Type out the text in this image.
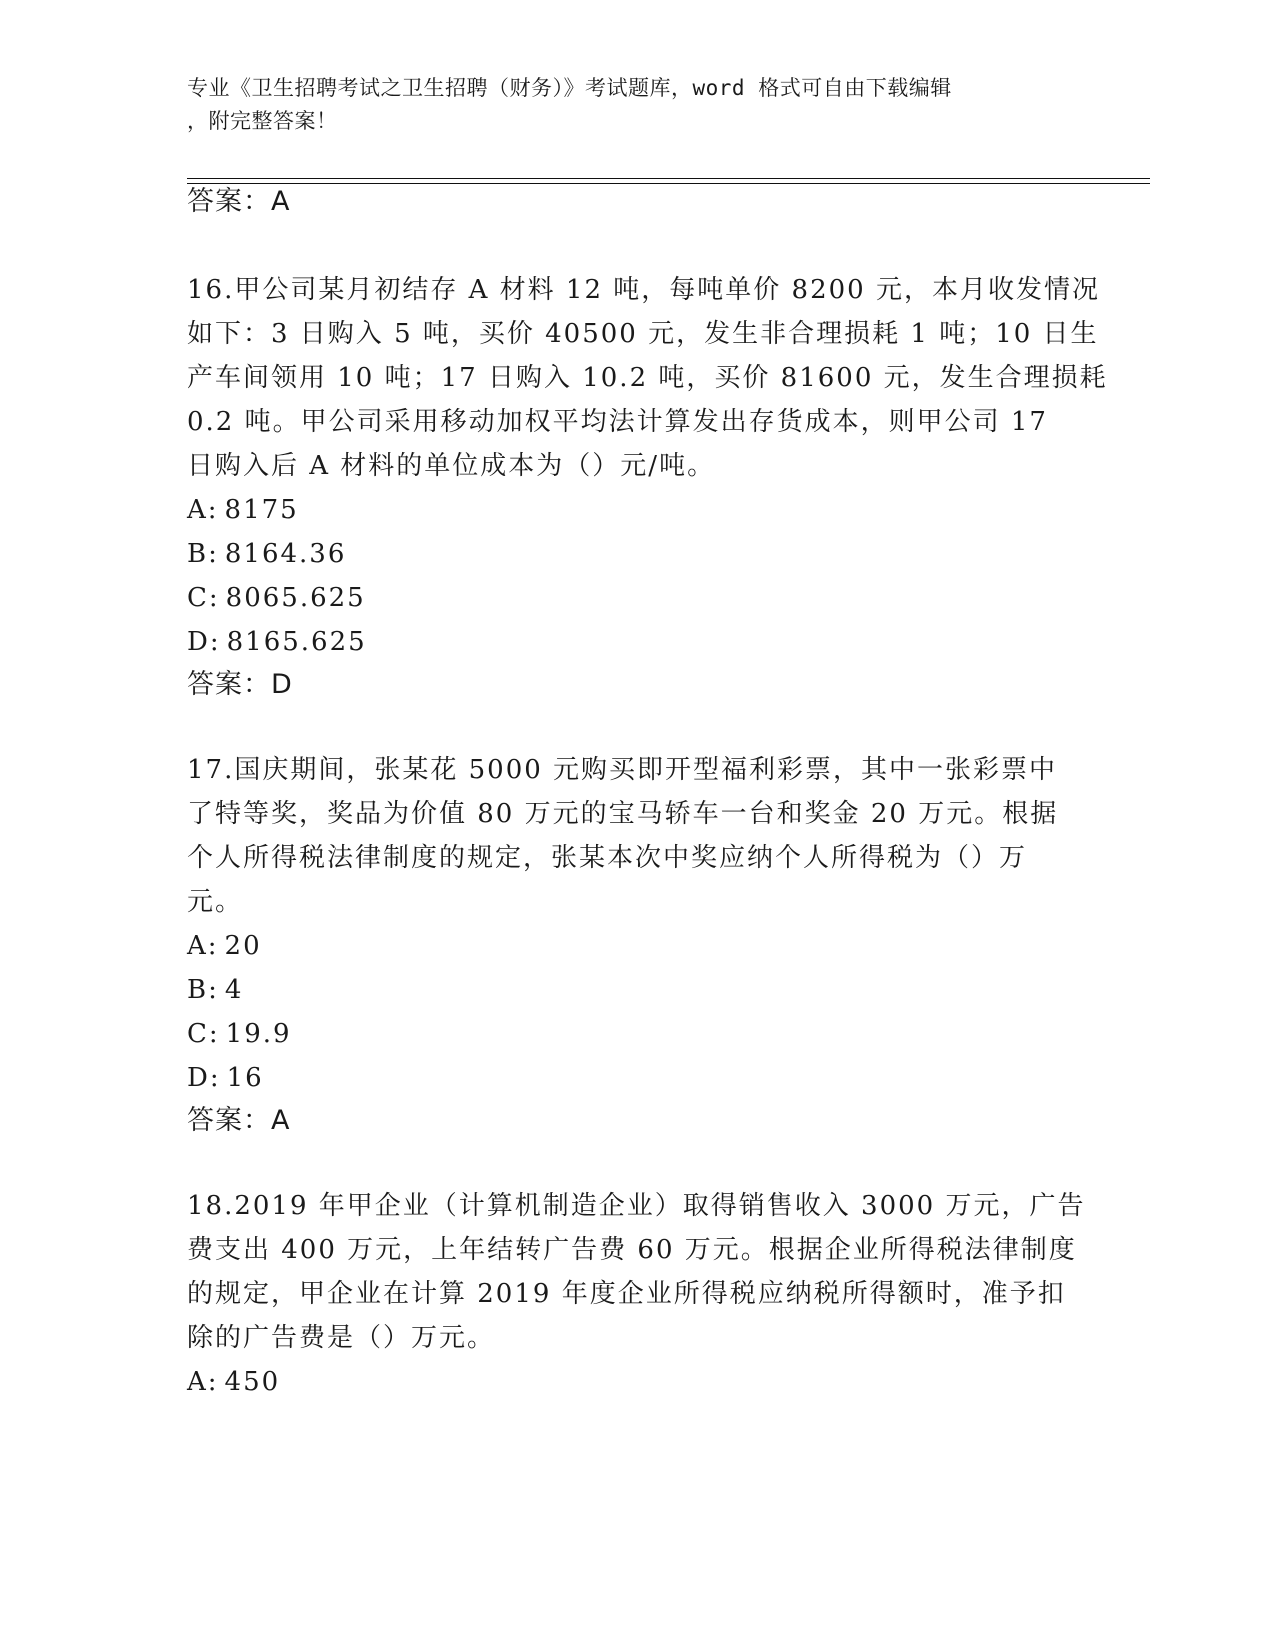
专业《卫生招聘考试之卫生招聘（财务）》考试题库，word 格式可自由下载编辑
，附完整答案！
答案：A
16.甲公司某月初结存 A 材料 12 吨，每吨单价 8200 元，本月收发情况
如下：3 日购入 5 吨，买价 40500 元，发生非合理损耗 1 吨；10 日生
产车间领用 10 吨；17 日购入 10.2 吨，买价 81600 元，发生合理损耗
0.2 吨。甲公司采用移动加权平均法计算发出存货成本，则甲公司 17
日购入后 A 材料的单位成本为（）元/吨。
A: 8175
B: 8164.36
C: 8065.625
D: 8165.625
答案：D
17.国庆期间，张某花 5000 元购买即开型福利彩票，其中一张彩票中
了特等奖，奖品为价值 80 万元的宝马轿车一台和奖金 20 万元。根据
个人所得税法律制度的规定，张某本次中奖应纳个人所得税为（）万
元。
A: 20
B: 4
C: 19.9
D: 16
答案：A
18.2019 年甲企业（计算机制造企业）取得销售收入 3000 万元，广告
费支出 400 万元，上年结转广告费 60 万元。根据企业所得税法律制度
的规定，甲企业在计算 2019 年度企业所得税应纳税所得额时，准予扣
除的广告费是（）万元。
A: 450
